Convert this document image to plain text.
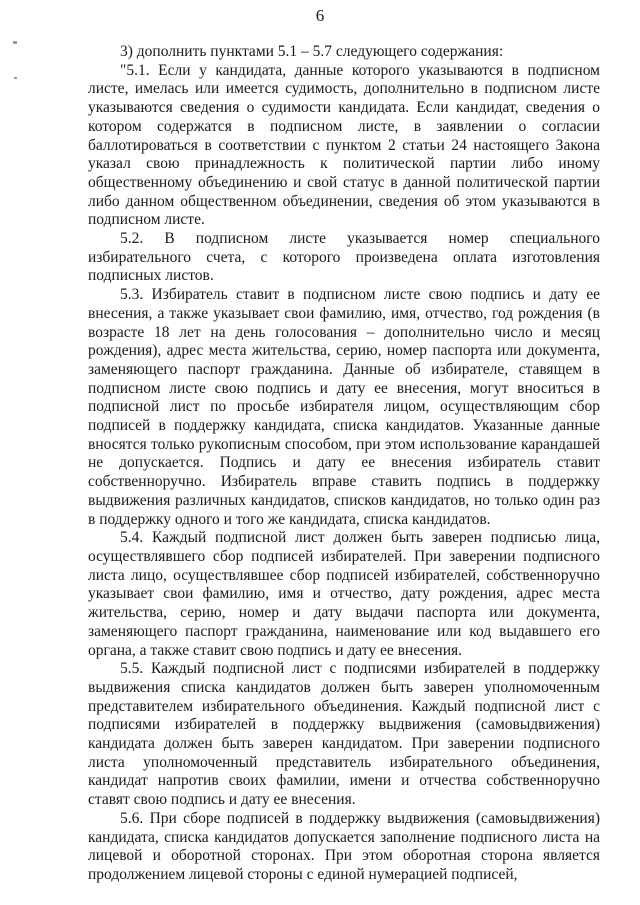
6

3) дополнить пунктами 5.1 – 5.7 следующего содержания:

"5.1. Если у кандидата, данные которого указываются в подписном листе, имелась или имеется судимость, дополнительно в подписном листе указываются сведения о судимости кандидата. Если кандидат, сведения о котором содержатся в подписном листе, в заявлении о согласии баллотироваться в соответствии с пунктом 2 статьи 24 настоящего Закона указал свою принадлежность к политической партии либо иному общественному объединению и свой статус в данной политической партии либо данном общественном объединении, сведения об этом указываются в подписном листе.

5.2. В подписном листе указывается номер специального избирательного счета, с которого произведена оплата изготовления подписных листов.

5.3. Избиратель ставит в подписном листе свою подпись и дату ее внесения, а также указывает свои фамилию, имя, отчество, год рождения (в возрасте 18 лет на день голосования – дополнительно число и месяц рождения), адрес места жительства, серию, номер паспорта или документа, заменяющего паспорт гражданина. Данные об избирателе, ставящем в подписном листе свою подпись и дату ее внесения, могут вноситься в подписной лист по просьбе избирателя лицом, осуществляющим сбор подписей в поддержку кандидата, списка кандидатов. Указанные данные вносятся только рукописным способом, при этом использование карандашей не допускается. Подпись и дату ее внесения избиратель ставит собственноручно. Избиратель вправе ставить подпись в поддержку выдвижения различных кандидатов, списков кандидатов, но только один раз в поддержку одного и того же кандидата, списка кандидатов.

5.4. Каждый подписной лист должен быть заверен подписью лица, осуществлявшего сбор подписей избирателей. При заверении подписного листа лицо, осуществлявшее сбор подписей избирателей, собственноручно указывает свои фамилию, имя и отчество, дату рождения, адрес места жительства, серию, номер и дату выдачи паспорта или документа, заменяющего паспорт гражданина, наименование или код выдавшего его органа, а также ставит свою подпись и дату ее внесения.

5.5. Каждый подписной лист с подписями избирателей в поддержку выдвижения списка кандидатов должен быть заверен уполномоченным представителем избирательного объединения. Каждый подписной лист с подписями избирателей в поддержку выдвижения (самовыдвижения) кандидата должен быть заверен кандидатом. При заверении подписного листа уполномоченный представитель избирательного объединения, кандидат напротив своих фамилии, имени и отчества собственноручно ставят свою подпись и дату ее внесения.

5.6. При сборе подписей в поддержку выдвижения (самовыдвижения) кандидата, списка кандидатов допускается заполнение подписного листа на лицевой и оборотной сторонах. При этом оборотная сторона является продолжением лицевой стороны с единой нумерацией подписей,
